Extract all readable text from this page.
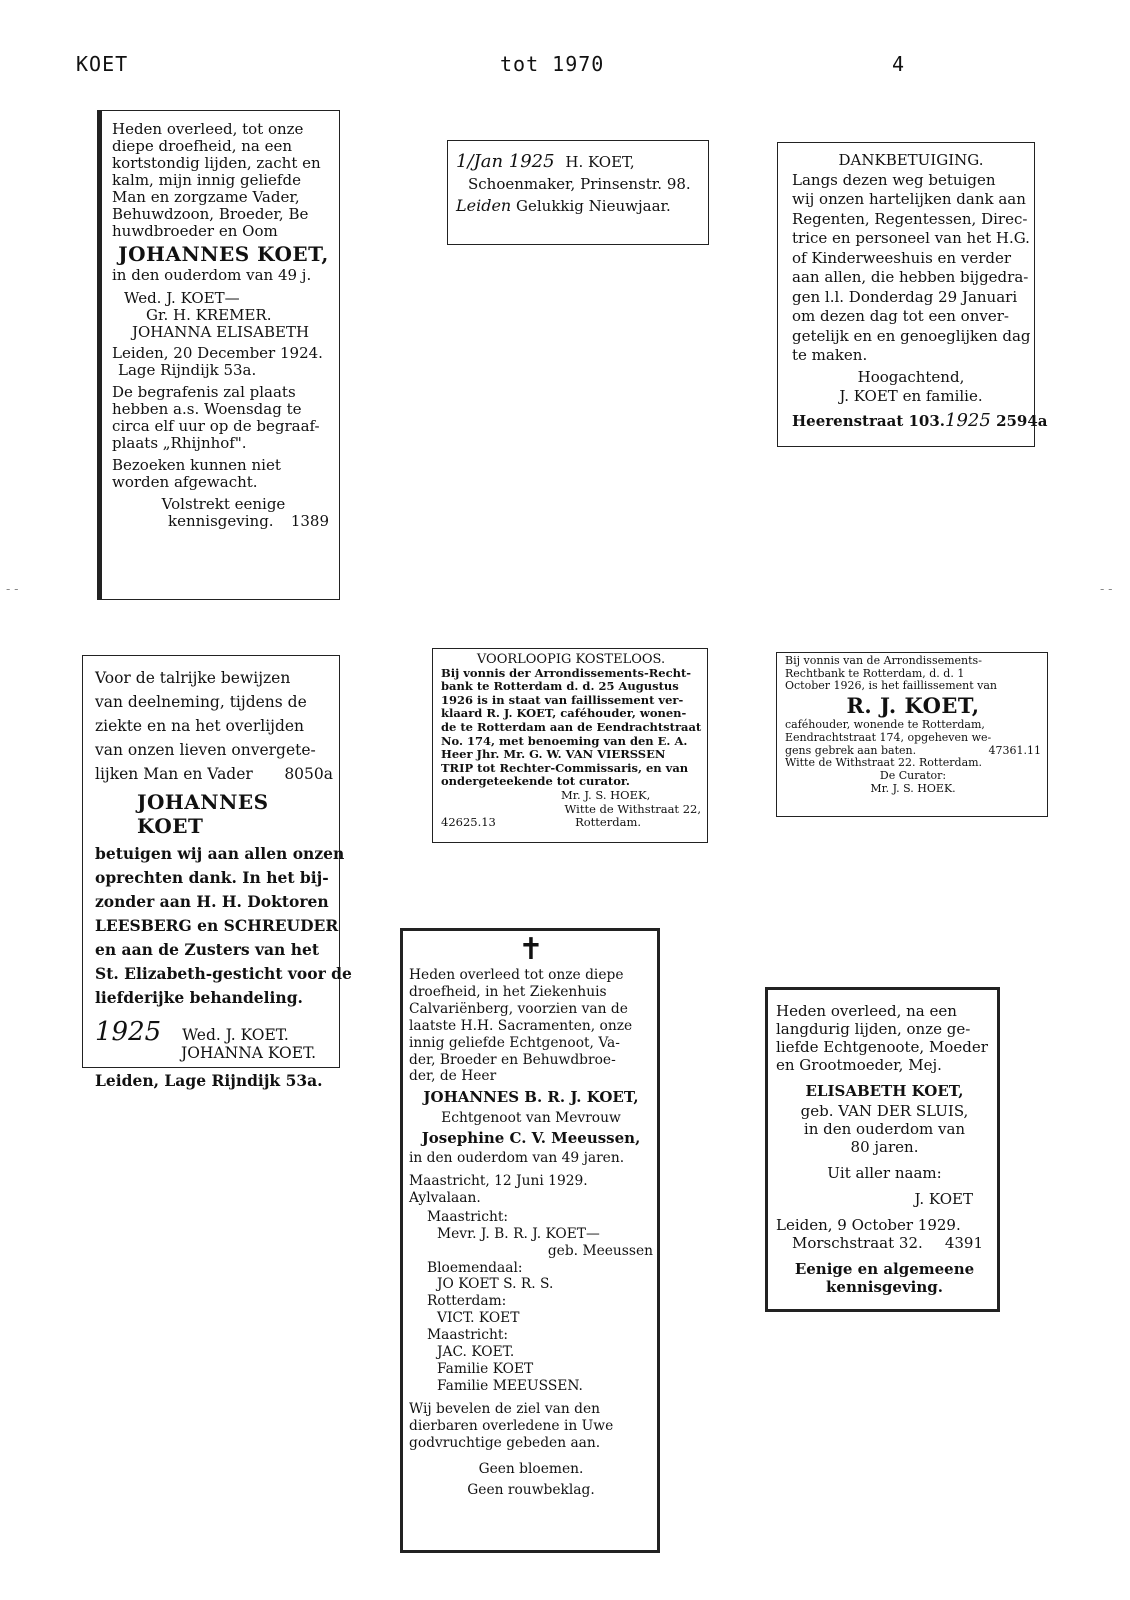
KOET	tot 1970	4
- -	- -
Heden overleed, tot onze
diepe droefheid, na een
kortstondig lijden, zacht en
kalm, mijn innig geliefde
Man en zorgzame Vader,
Behuwdzoon, Broeder, Be
huwdbroeder en Oom
JOHANNES KOET,
in den ouderdom van 49 j.
Wed. J. KOET—
Gr. H. KREMER.
JOHANNA ELISABETH
Leiden, 20 December 1924.
Lage Rijndijk 53a.
De begrafenis zal plaats
hebben a.s. Woensdag te
circa elf uur op de begraaf-
plaats „Rhijnhof".
Bezoeken kunnen niet
worden afgewacht.
Volstrekt eenige
kennisgeving. 1389
1/Jan 1925 H. KOET,
Schoenmaker, Prinsenstr. 98.
Leiden Gelukkig Nieuwjaar.
DANKBETUIGING.
Langs dezen weg betuigen
wij onzen hartelijken dank aan
Regenten, Regentessen, Direc-
trice en personeel van het H.G.
of Kinderweeshuis en verder
aan allen, die hebben bijgedra-
gen l.l. Donderdag 29 Januari
om dezen dag tot een onver-
getelijk en en genoeglijken dag
te maken.
Hoogachtend,
J. KOET en familie.
Heerenstraat 103.1925 2594a
Voor de talrijke bewijzen
van deelneming, tijdens de
ziekte en na het overlijden
van onzen lieven onvergete-
lijken Man en Vader 8050a
JOHANNES KOET
betuigen wij aan allen onzen
oprechten dank. In het bij-
zonder aan H. H. Doktoren
LEESBERG en SCHREUDER
en aan de Zusters van het
St. Elizabeth-gesticht voor de
liefderijke behandeling.
1925 Wed. J. KOET.
JOHANNA KOET.
Leiden, Lage Rijndijk 53a.
VOORLOOPIG KOSTELOOS.
Bij vonnis der Arrondissements-Recht-
bank te Rotterdam d. d. 25 Augustus
1926 is in staat van faillissement ver-
klaard R. J. KOET, caféhouder, wonen-
de te Rotterdam aan de Eendrachtstraat
No. 174, met benoeming van den E. A.
Heer Jhr. Mr. G. W. VAN VIERSSEN
TRIP tot Rechter-Commissaris, en van
ondergeteekende tot curator.
Mr. J. S. HOEK,
Witte de Withstraat 22,
42625.13	Rotterdam.
Bij vonnis van de Arrondissements-
Rechtbank te Rotterdam, d. d. 1
October 1926, is het faillissement van
R. J. KOET,
caféhouder, wonende te Rotterdam,
Eendrachtstraat 174, opgeheven we-
gens gebrek aan baten.	47361.11
Witte de Withstraat 22. Rotterdam.
De Curator:
Mr. J. S. HOEK.
✝
Heden overleed tot onze diepe
droefheid, in het Ziekenhuis
Calvariënberg, voorzien van de
laatste H.H. Sacramenten, onze
innig geliefde Echtgenoot, Va-
der, Broeder en Behuwdbroe-
der, de Heer
JOHANNES B. R. J. KOET,
Echtgenoot van Mevrouw
Josephine C. V. Meeussen,
in den ouderdom van 49 jaren.
Maastricht, 12 Juni 1929.
Aylvalaan.
Maastricht:
Mevr. J. B. R. J. KOET—
geb. Meeussen
Bloemendaal:
JO KOET S. R. S.
Rotterdam:
VICT. KOET
Maastricht:
JAC. KOET.
Familie KOET
Familie MEEUSSEN.
Wij bevelen de ziel van den
dierbaren overledene in Uwe
godvruchtige gebeden aan.
Geen bloemen.
Geen rouwbeklag.
Heden overleed, na een
langdurig lijden, onze ge-
liefde Echtgenoote, Moeder
en Grootmoeder, Mej.
ELISABETH KOET,
geb. VAN DER SLUIS,
in den ouderdom van
80 jaren.
Uit aller naam:
J. KOET
Leiden, 9 October 1929.
Morschstraat 32. 4391
Eenige en algemeene
kennisgeving.
